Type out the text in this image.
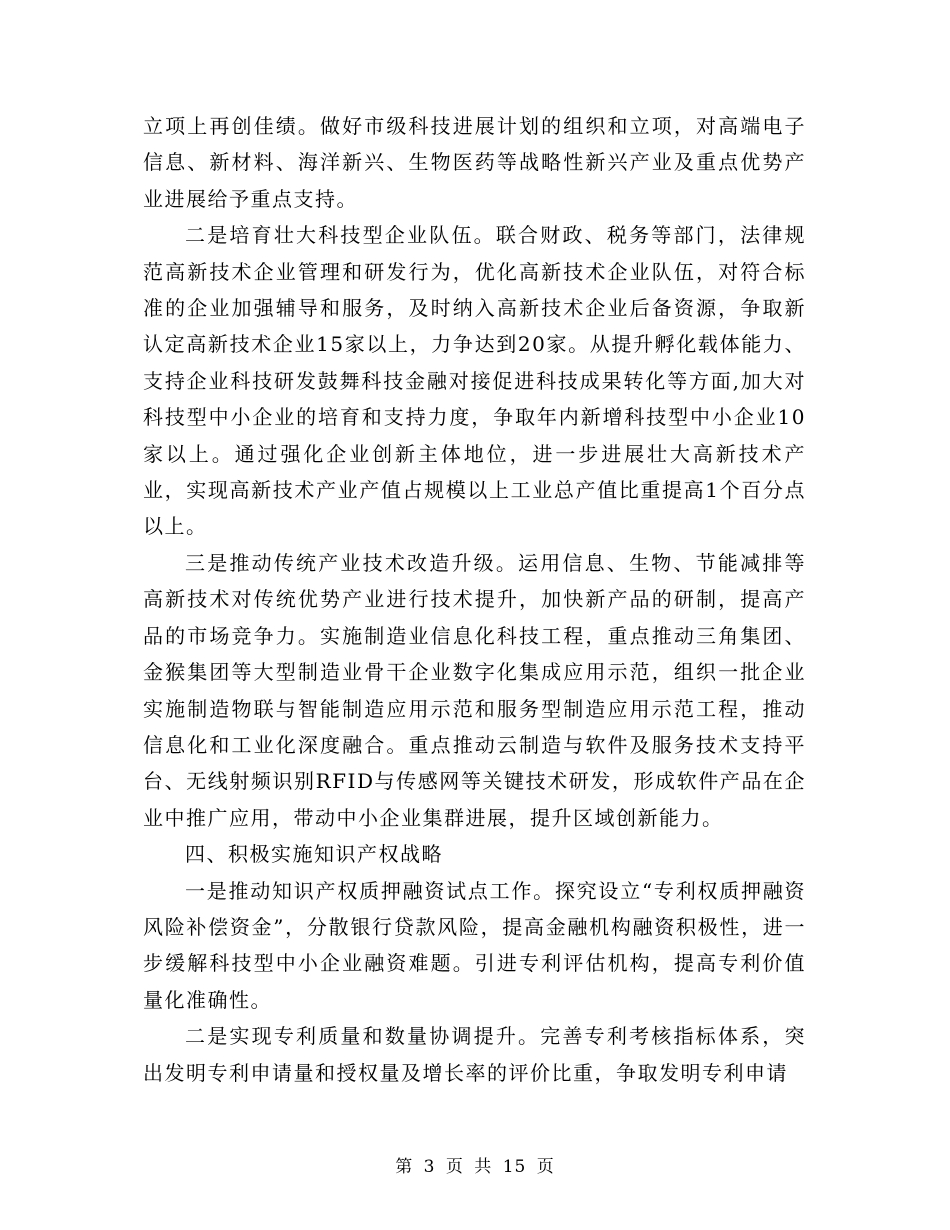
立项上再创佳绩。做好市级科技进展计划的组织和立项，对高端电子信息、新材料、海洋新兴、生物医药等战略性新兴产业及重点优势产业进展给予重点支持。

二是培育壮大科技型企业队伍。联合财政、税务等部门，法律规范高新技术企业管理和研发行为，优化高新技术企业队伍，对符合标准的企业加强辅导和服务，及时纳入高新技术企业后备资源，争取新认定高新技术企业15家以上，力争达到20家。从提升孵化载体能力、支持企业科技研发鼓舞科技金融对接促进科技成果转化等方面,加大对科技型中小企业的培育和支持力度，争取年内新增科技型中小企业10家以上。通过强化企业创新主体地位，进一步进展壮大高新技术产业，实现高新技术产业产值占规模以上工业总产值比重提高1个百分点以上。

三是推动传统产业技术改造升级。运用信息、生物、节能减排等高新技术对传统优势产业进行技术提升，加快新产品的研制，提高产品的市场竞争力。实施制造业信息化科技工程，重点推动三角集团、金猴集团等大型制造业骨干企业数字化集成应用示范，组织一批企业实施制造物联与智能制造应用示范和服务型制造应用示范工程，推动信息化和工业化深度融合。重点推动云制造与软件及服务技术支持平台、无线射频识别RFID与传感网等关键技术研发，形成软件产品在企业中推广应用，带动中小企业集群进展，提升区域创新能力。

四、积极实施知识产权战略

一是推动知识产权质押融资试点工作。探究设立“专利权质押融资风险补偿资金”，分散银行贷款风险，提高金融机构融资积极性，进一步缓解科技型中小企业融资难题。引进专利评估机构，提高专利价值量化准确性。

二是实现专利质量和数量协调提升。完善专利考核指标体系，突出发明专利申请量和授权量及增长率的评价比重，争取发明专利申请

第 3 页 共 15 页
